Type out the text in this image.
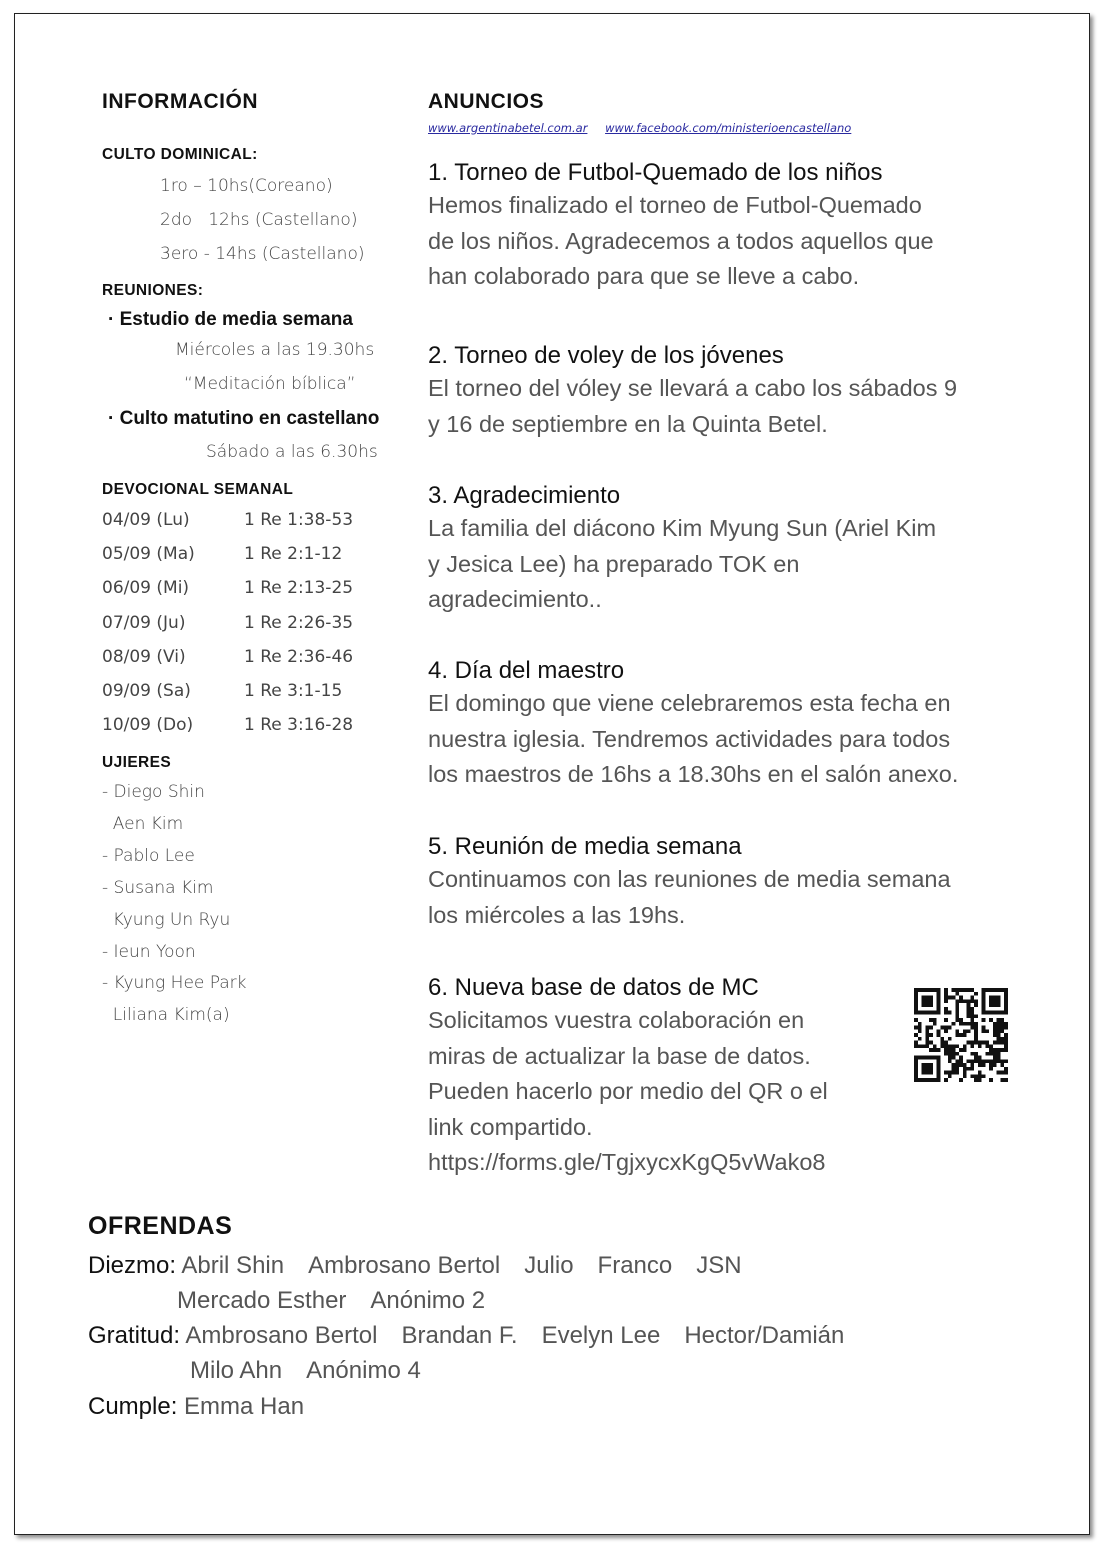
INFORMACIÓN
CULTO DOMINICAL:
1ro – 10hs(Coreano)
2do   12hs (Castellano)
3ero - 14hs (Castellano)
REUNIONES:
· Estudio de media semana
Miércoles a las 19.30hs
“Meditación bíblica”
· Culto matutino en castellano
Sábado a las 6.30hs
DEVOCIONAL SEMANAL
04/09 (Lu)	1 Re 1:38-53
05/09 (Ma)	1 Re 2:1-12
06/09 (Mi)	1 Re 2:13-25
07/09 (Ju)	1 Re 2:26-35
08/09 (Vi)	1 Re 2:36-46
09/09 (Sa)	1 Re 3:1-15
10/09 (Do)	1 Re 3:16-28
UJIERES
- Diego Shin
Aen Kim
- Pablo Lee
- Susana Kim
Kyung Un Ryu
- Ieun Yoon
- Kyung Hee Park
Liliana Kim(a)
ANUNCIOS
www.argentinabetel.com.ar www.facebook.com/ministerioencastellano
1. Torneo de Futbol-Quemado de los niños
Hemos finalizado el torneo de Futbol-Quemado
de los niños. Agradecemos a todos aquellos que
han colaborado para que se lleve a cabo.
2. Torneo de voley de los jóvenes
El torneo del vóley se llevará a cabo los sábados 9
y 16 de septiembre en la Quinta Betel.
3. Agradecimiento
La familia del diácono Kim Myung Sun (Ariel Kim
y Jesica Lee) ha preparado TOK en
agradecimiento..
4. Día del maestro
El domingo que viene celebraremos esta fecha en
nuestra iglesia. Tendremos actividades para todos
los maestros de 16hs a 18.30hs en el salón anexo.
5. Reunión de media semana
Continuamos con las reuniones de media semana
los miércoles a las 19hs.
6. Nueva base de datos de MC
Solicitamos vuestra colaboración en
miras de actualizar la base de datos.
Pueden hacerlo por medio del QR o el
link compartido.
https://forms.gle/TgjxycxKgQ5vWako8
OFRENDAS
Diezmo: Abril Shin Ambrosano Bertol Julio Franco JSN
Mercado Esther Anónimo 2
Gratitud: Ambrosano Bertol Brandan F. Evelyn Lee Hector/Damián
Milo Ahn Anónimo 4
Cumple: Emma Han
